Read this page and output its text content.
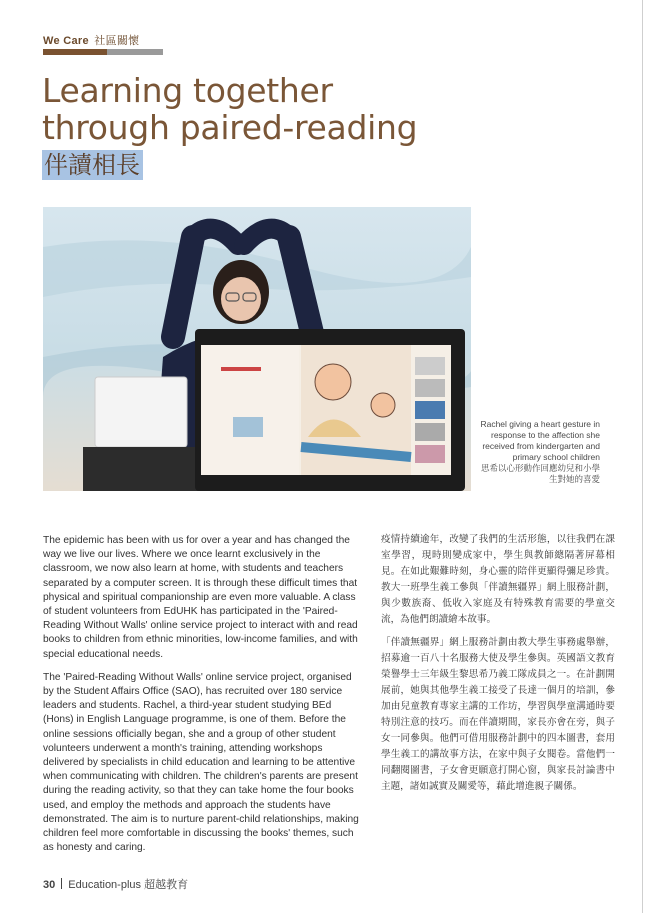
We Care 社區關懷
Learning together through paired-reading
伴讀相長
Rachel giving a heart gesture in response to the affection she received from kindergarten and primary school children
思希以心形動作回應幼兒和小學生對她的喜愛

The epidemic has been with us for over a year and has changed the way we live our lives. Where we once learnt exclusively in the classroom, we now also learn at home, with students and teachers separated by a computer screen. It is through these difficult times that physical and spiritual companionship are even more valuable. A class of student volunteers from EdUHK has participated in the 'Paired-Reading Without Walls' online service project to interact with and read books to children from ethnic minorities, low-income families, and with special educational needs.

The 'Paired-Reading Without Walls' online service project, organised by the Student Affairs Office (SAO), has recruited over 180 service leaders and students. Rachel, a third-year student studying BEd (Hons) in English Language programme, is one of them. Before the online sessions officially began, she and a group of other student volunteers underwent a month's training, attending workshops delivered by specialists in child education and learning to be attentive when communicating with children. The children's parents are present during the reading activity, so that they can take home the four books used, and employ the methods and approach the students have demonstrated. The aim is to nurture parent-child relationships, making children feel more comfortable in discussing the books' themes, such as honesty and caring.

疫情持續逾年，改變了我們的生活形態，以往我們在課室學習，現時則變成家中，學生與教師總隔著屏幕相見。在如此艱難時刻，身心靈的陪伴更顯得彌足珍貴。教大一班學生義工參與「伴讀無疆界」網上服務計劃，與少數族裔、低收入家庭及有特殊教育需要的學童交流，為他們朗讀繪本故事。

「伴讀無疆界」網上服務計劃由教大學生事務處舉辦，招募逾一百八十名服務大使及學生參與。英國語文教育榮譽學士三年級生黎思希乃義工隊成員之一。在計劃開展前，她與其他學生義工接受了長達一個月的培訓，參加由兒童教育專家主講的工作坊，學習與學童溝通時要特別注意的技巧。而在伴讀期間，家長亦會在旁，與子女一同參與。他們可借用服務計劃中的四本圖書，套用學生義工的講故事方法，在家中與子女閱卷。當他們一同翻閱圖書，子女會更願意打開心窗，與家長討論書中主題，諸如誠實及關愛等，藉此增進親子關係。

30 Education-plus 超越教育
